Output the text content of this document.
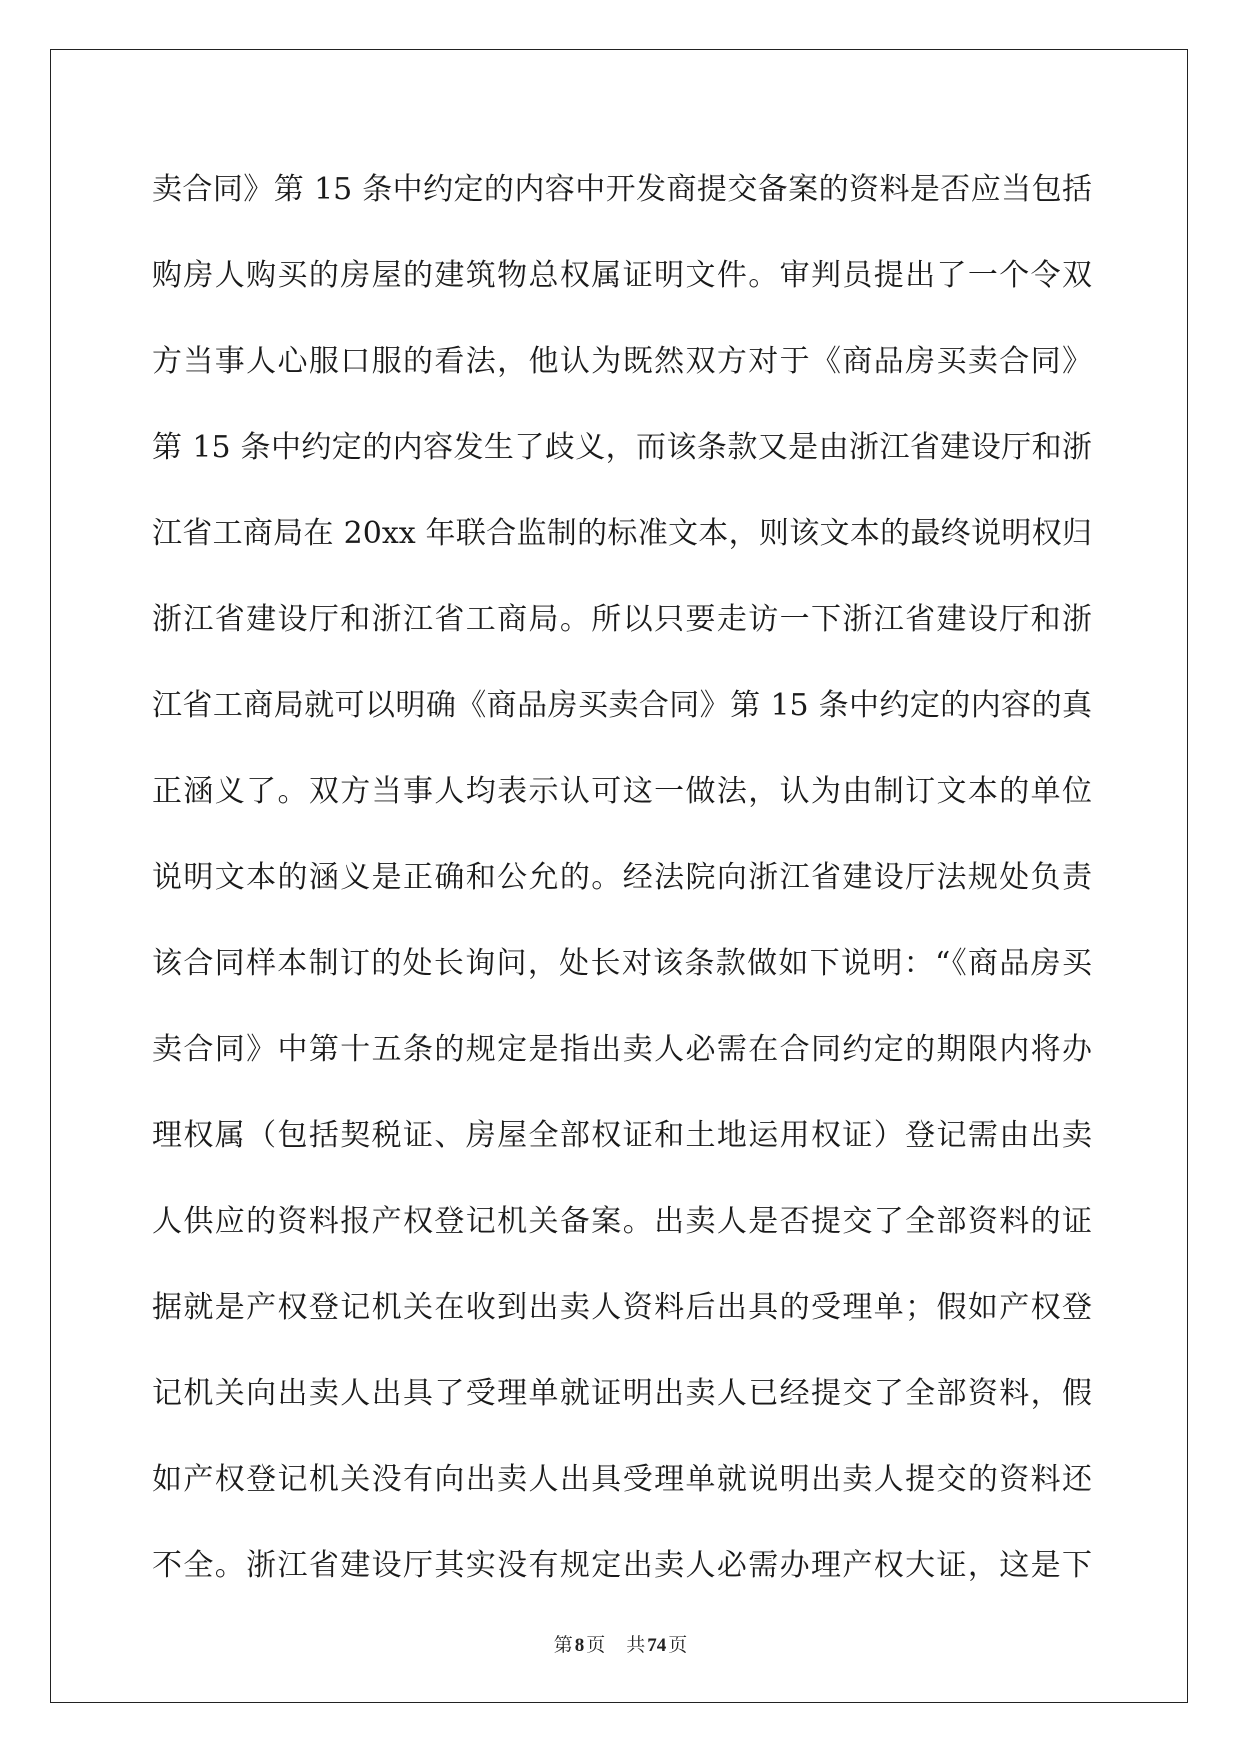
卖合同》第 15 条中约定的内容中开发商提交备案的资料是否应当包括
购房人购买的房屋的建筑物总权属证明文件。审判员提出了一个令双
方当事人心服口服的看法，他认为既然双方对于《商品房买卖合同》
第 15 条中约定的内容发生了歧义，而该条款又是由浙江省建设厅和浙
江省工商局在 20xx 年联合监制的标准文本，则该文本的最终说明权归
浙江省建设厅和浙江省工商局。所以只要走访一下浙江省建设厅和浙
江省工商局就可以明确《商品房买卖合同》第 15 条中约定的内容的真
正涵义了。双方当事人均表示认可这一做法，认为由制订文本的单位
说明文本的涵义是正确和公允的。经法院向浙江省建设厅法规处负责
该合同样本制订的处长询问，处长对该条款做如下说明：“《商品房买
卖合同》中第十五条的规定是指出卖人必需在合同约定的期限内将办
理权属（包括契税证、房屋全部权证和土地运用权证）登记需由出卖
人供应的资料报产权登记机关备案。出卖人是否提交了全部资料的证
据就是产权登记机关在收到出卖人资料后出具的受理单；假如产权登
记机关向出卖人出具了受理单就证明出卖人已经提交了全部资料，假
如产权登记机关没有向出卖人出具受理单就说明出卖人提交的资料还
不全。浙江省建设厅其实没有规定出卖人必需办理产权大证，这是下
第 8 页 共 74 页
